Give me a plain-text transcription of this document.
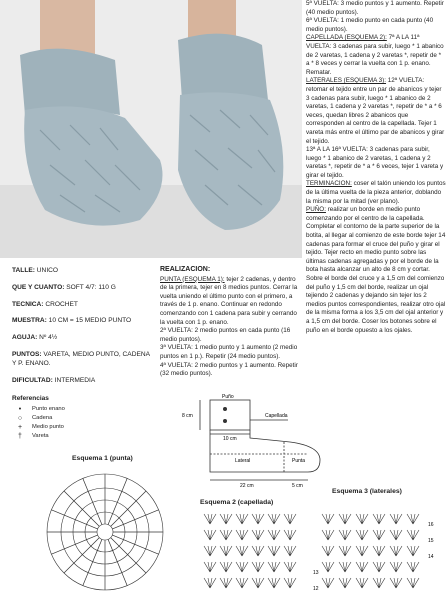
5ª VUELTA: 3 medio puntos y 1 aumento. Repetir (40 medio puntos).

6ª VUELTA: 1 medio punto en cada punto (40 medio puntos).

CAPELLADA (ESQUEMA 2): 7ª A LA 11ª VUELTA: 3 cadenas para subir, luego * 1 abanico de 2 varetas, 1 cadena y 2 varetas *, repetir de * a * 8 veces y cerrar la vuelta con 1 p. enano. Rematar.

LATERALES (ESQUEMA 3): 12ª VUELTA: retomar el tejido entre un par de abanicos y tejer 3 cadenas para subir, luego * 1 abanico de 2 varetas, 1 cadena y 2 varetas *, repetir de * a * 6 veces, quedan libres 2 abanicos que corresponden al centro de la capellada. Tejer 1 vareta más entre el último par de abanicos y girar el tejido.

13ª A LA 16ª VUELTA: 3 cadenas para subir, luego * 1 abanico de 2 varetas, 1 cadena y 2 varetas *, repetir de * a * 6 veces, tejer 1 vareta y girar el tejido.

TERMINACION: coser el talón uniendo los puntos de la última vuelta de la pieza anterior, doblando la misma por la mitad (ver plano).

PUÑO: realizar un borde en medio punto comenzando por el centro de la capellada. Completar el contorno de la parte superior de la botita, al llegar al comienzo de este borde tejer 14 cadenas para formar el cruce del puño y girar el tejido. Tejer recto en medio punto sobre las últimas cadenas agregadas y por el borde de la bota hasta alcanzar un alto de 8 cm y cortar. Sobre el borde del cruce y a 1,5 cm del comienzo del puño y 1,5 cm del borde, realizar un ojal tejiendo 2 cadenas y dejando sin tejer los 2 medios puntos correspondientes, realizar otro ojal de la misma forma a los 3,5 cm del ojal anterior y a 1,5 cm del borde. Coser los botones sobre el puño en el borde opuesto a los ojales.

TALLE: UNICO
QUE Y CUANTO: SOFT 4/7: 110 G
TECNICA: CROCHET
MUESTRA: 10 CM = 15 MEDIO PUNTO
AGUJA: Nº 4½
PUNTOS: VARETA, MEDIO PUNTO, CADENA Y P. ENANO.
DIFICULTAD: INTERMEDIA
REALIZACION:

PUNTA (ESQUEMA 1): tejer 2 cadenas, y dentro de la primera, tejer en 8 medios puntos. Cerrar la vuelta uniendo el último punto con el primero, a través de 1 p. enano. Continuar en redondo comenzando con 1 cadena para subir y cerrando la vuelta con 1 p. enano.

2ª VUELTA: 2 medio puntos en cada punto (16 medio puntos).

3ª VUELTA: 1 medio punto y 1 aumento (2 medio puntos en 1 p.). Repetir (24 medio puntos).

4ª VUELTA: 2 medio puntos y 1 aumento. Repetir (32 medio puntos).

Referencias
•	Punto enano
○	Cadena
+	Medio punto
†	Vareta
Puño
8 cm	Capellada
10 cm
Lateral	Punta
22 cm	5 cm
Esquema 1 (punta)
Esquema 2 (capellada)
Esquema 3 (laterales)
16
15
14
13
12
